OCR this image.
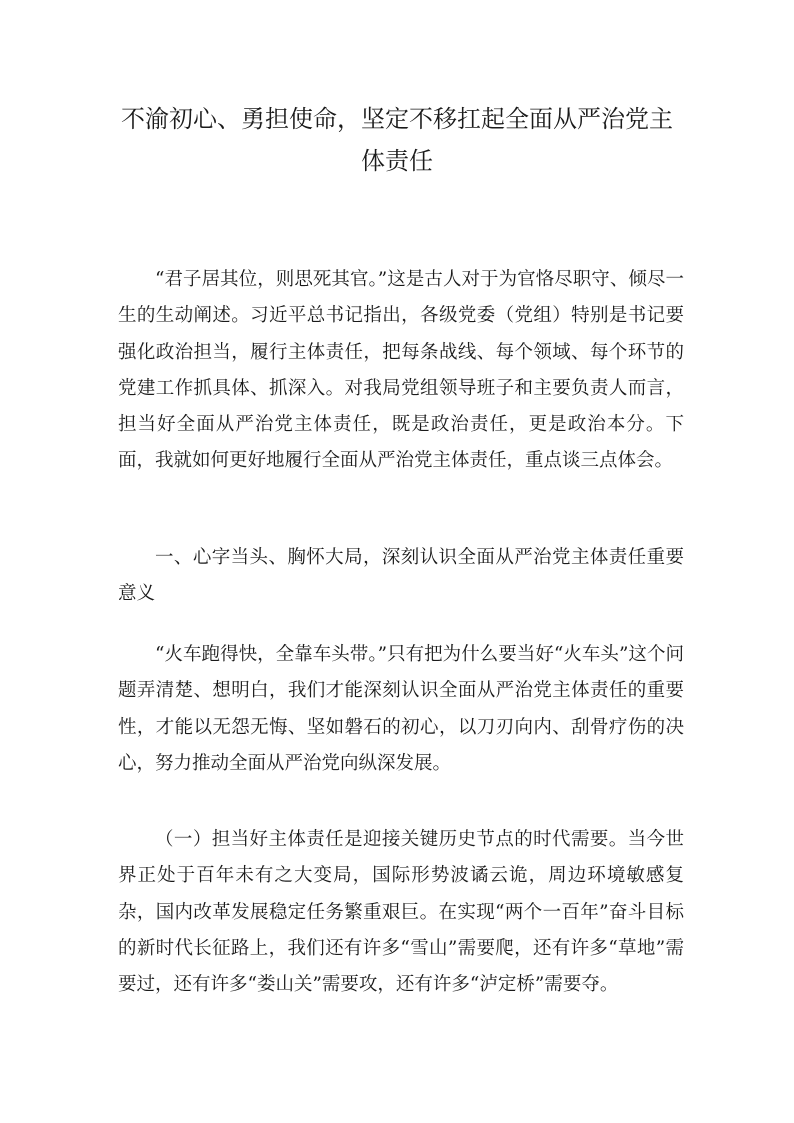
不渝初心、勇担使命，坚定不移扛起全面从严治党主
体责任

“君子居其位，则思死其官。”这是古人对于为官恪尽职守、倾尽一生的生动阐述。习近平总书记指出，各级党委（党组）特别是书记要强化政治担当，履行主体责任，把每条战线、每个领域、每个环节的党建工作抓具体、抓深入。对我局党组领导班子和主要负责人而言，担当好全面从严治党主体责任，既是政治责任，更是政治本分。下面，我就如何更好地履行全面从严治党主体责任，重点谈三点体会。

一、心字当头、胸怀大局，深刻认识全面从严治党主体责任重要意义

“火车跑得快，全靠车头带。”只有把为什么要当好“火车头”这个问题弄清楚、想明白，我们才能深刻认识全面从严治党主体责任的重要性，才能以无怨无悔、坚如磐石的初心，以刀刃向内、刮骨疗伤的决心，努力推动全面从严治党向纵深发展。

（一）担当好主体责任是迎接关键历史节点的时代需要。当今世界正处于百年未有之大变局，国际形势波谲云诡，周边环境敏感复杂，国内改革发展稳定任务繁重艰巨。在实现“两个一百年”奋斗目标的新时代长征路上，我们还有许多“雪山”需要爬，还有许多“草地”需要过，还有许多“娄山关”需要攻，还有许多“泸定桥”需要夺。
